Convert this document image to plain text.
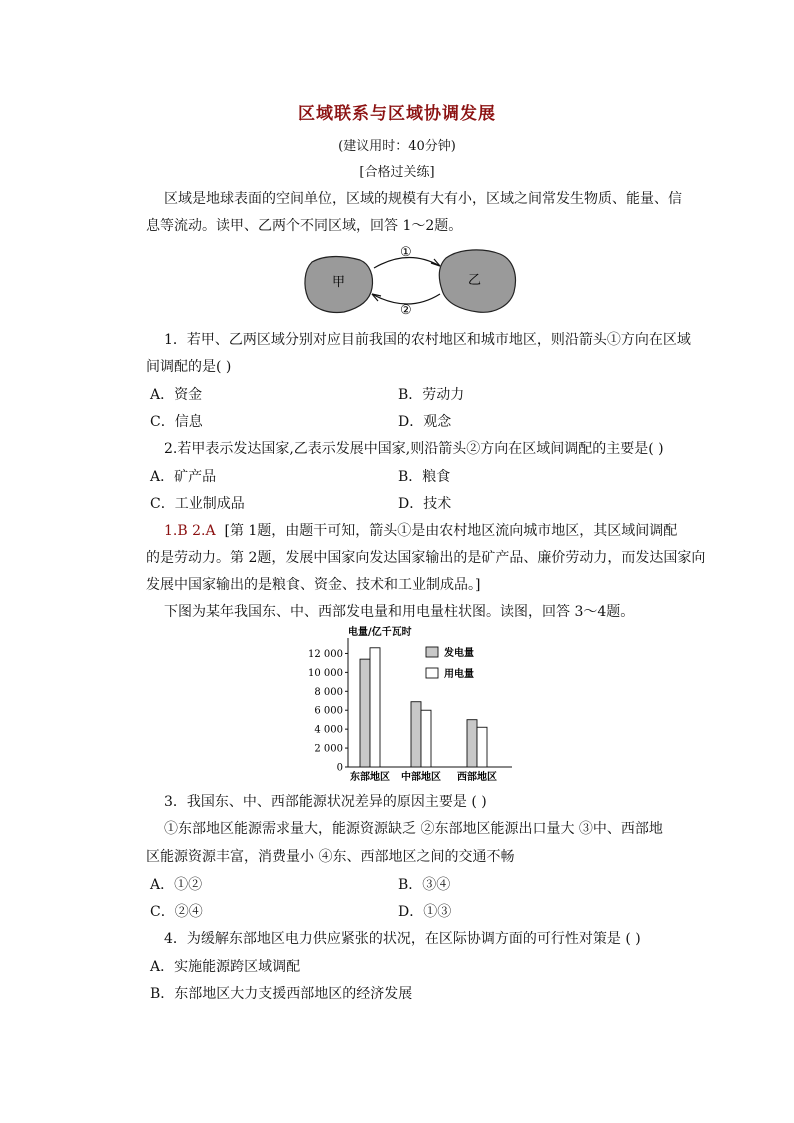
区域联系与区域协调发展
(建议用时：40分钟)
[合格过关练]
区域是地球表面的空间单位，区域的规模有大有小，区域之间常发生物质、能量、信
息等流动。读甲、乙两个不同区域，回答 1～2题。
甲	乙
①
②
1．若甲、乙两区域分别对应目前我国的农村地区和城市地区，则沿箭头①方向在区域
间调配的是( )
A．资金	B．劳动力
C．信息	D．观念
2.若甲表示发达国家,乙表示发展中国家,则沿箭头②方向在区域间调配的主要是( )
A．矿产品	B．粮食
C．工业制成品	D．技术
1.B 2.A [第 1题，由题干可知，箭头①是由农村地区流向城市地区，其区域间调配
的是劳动力。第 2题，发展中国家向发达国家输出的是矿产品、廉价劳动力，而发达国家向
发展中国家输出的是粮食、资金、技术和工业制成品。]
下图为某年我国东、中、西部发电量和用电量柱状图。读图，回答 3～4题。
电量/亿千瓦时
0
2 000
4 000
6 000
8 000
10 000
12 000
东部地区 中部地区 西部地区
发电量
用电量
3．我国东、中、西部能源状况差异的原因主要是 ( )
①东部地区能源需求量大，能源资源缺乏 ②东部地区能源出口量大 ③中、西部地
区能源资源丰富，消费量小 ④东、西部地区之间的交通不畅
A．①②	B．③④
C．②④	D．①③
4．为缓解东部地区电力供应紧张的状况，在区际协调方面的可行性对策是 ( )
A．实施能源跨区域调配
B．东部地区大力支援西部地区的经济发展
